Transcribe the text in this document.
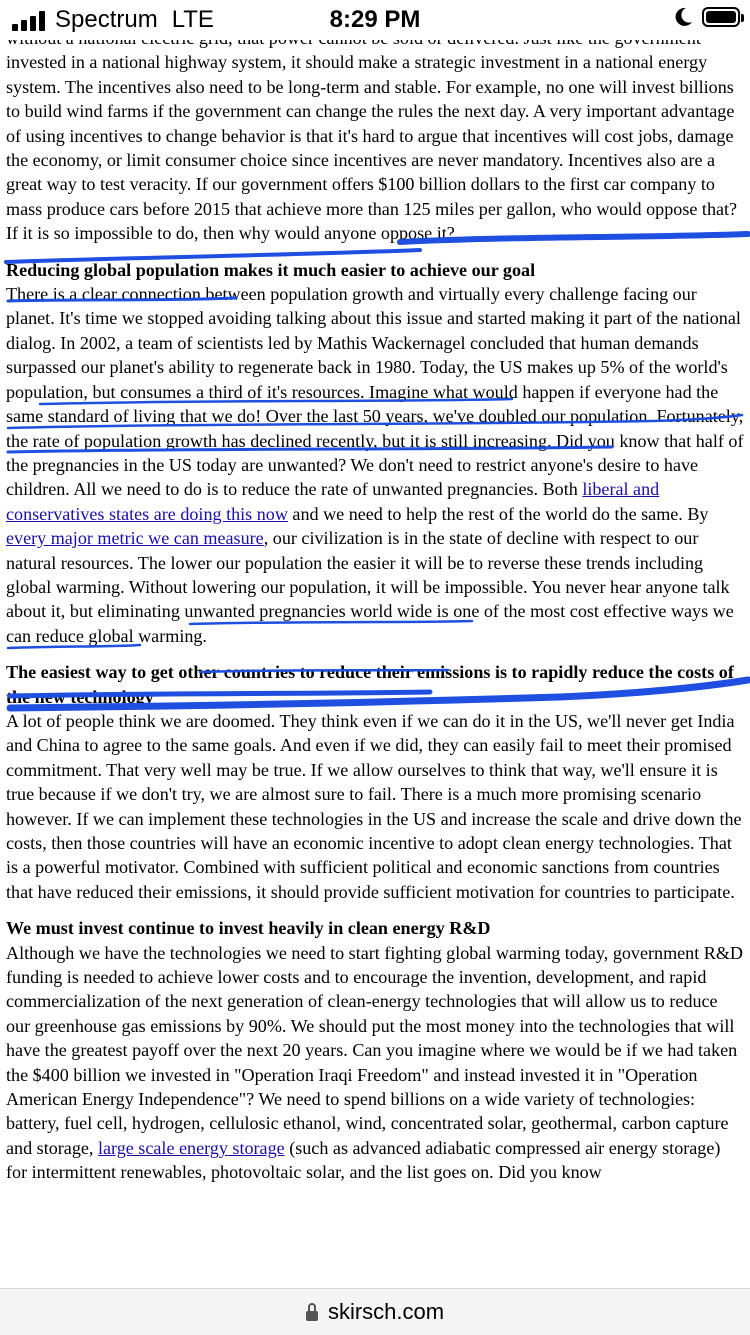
Spectrum LTE	8:29 PM

invested in a national highway system, it should make a strategic investment in a national energy system. The incentives also need to be long-term and stable. For example, no one will invest billions to build wind farms if the government can change the rules the next day. A very important advantage of using incentives to change behavior is that it's hard to argue that incentives will cost jobs, damage the economy, or limit consumer choice since incentives are never mandatory. Incentives also are a great way to test veracity. If our government offers $100 billion dollars to the first car company to mass produce cars before 2015 that achieve more than 125 miles per gallon, who would oppose that? If it is so impossible to do, then why would anyone oppose it?

Reducing global population makes it much easier to achieve our goal

There is a clear connection between population growth and virtually every challenge facing our planet. It's time we stopped avoiding talking about this issue and started making it part of the national dialog. In 2002, a team of scientists led by Mathis Wackernagel concluded that human demands surpassed our planet's ability to regenerate back in 1980. Today, the US makes up 5% of the world's population, but consumes a third of it's resources. Imagine what would happen if everyone had the same standard of living that we do! Over the last 50 years, we've doubled our population. Fortunately, the rate of population growth has declined recently, but it is still increasing. Did you know that half of the pregnancies in the US today are unwanted? We don't need to restrict anyone's desire to have children. All we need to do is to reduce the rate of unwanted pregnancies. Both liberal and conservatives states are doing this now and we need to help the rest of the world do the same. By every major metric we can measure, our civilization is in the state of decline with respect to our natural resources. The lower our population the easier it will be to reverse these trends including global warming. Without lowering our population, it will be impossible. You never hear anyone talk about it, but eliminating unwanted pregnancies world wide is one of the most cost effective ways we can reduce global warming.

The easiest way to get other countries to reduce their emissions is to rapidly reduce the costs of the new technology

A lot of people think we are doomed. They think even if we can do it in the US, we'll never get India and China to agree to the same goals. And even if we did, they can easily fail to meet their promised commitment. That very well may be true. If we allow ourselves to think that way, we'll ensure it is true because if we don't try, we are almost sure to fail. There is a much more promising scenario however. If we can implement these technologies in the US and increase the scale and drive down the costs, then those countries will have an economic incentive to adopt clean energy technologies. That is a powerful motivator. Combined with sufficient political and economic sanctions from countries that have reduced their emissions, it should provide sufficient motivation for countries to participate.

We must invest continue to invest heavily in clean energy R&D

Although we have the technologies we need to start fighting global warming today, government R&D funding is needed to achieve lower costs and to encourage the invention, development, and rapid commercialization of the next generation of clean-energy technologies that will allow us to reduce our greenhouse gas emissions by 90%. We should put the most money into the technologies that will have the greatest payoff over the next 20 years. Can you imagine where we would be if we had taken the $400 billion we invested in "Operation Iraqi Freedom" and instead invested it in "Operation American Energy Independence"? We need to spend billions on a wide variety of technologies: battery, fuel cell, hydrogen, cellulosic ethanol, wind, concentrated solar, geothermal, carbon capture and storage, large scale energy storage (such as advanced adiabatic compressed air energy storage) for intermittent renewables, photovoltaic solar, and the list goes on. Did you know

skirsch.com
